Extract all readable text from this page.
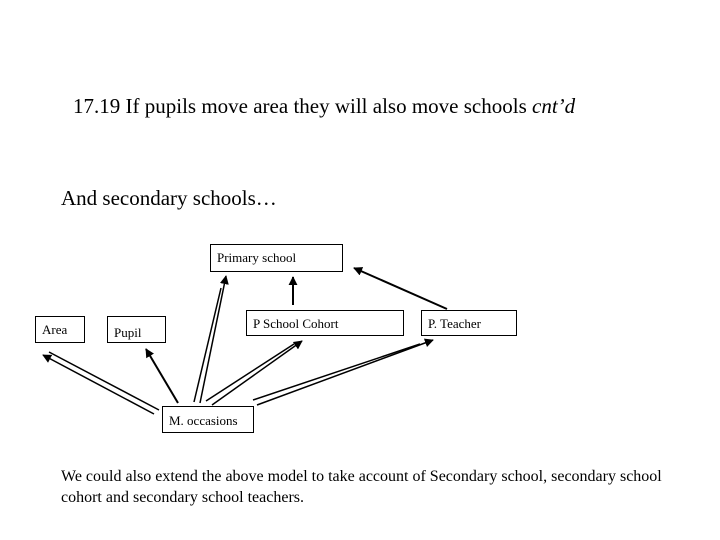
17.19 If pupils move area they will also move schools cnt’d
And secondary schools…
Primary school
Area	Pupil
P School Cohort	P. Teacher
M. occasions
We could also extend the above model to take account of Secondary school, secondary school cohort and secondary school teachers.
